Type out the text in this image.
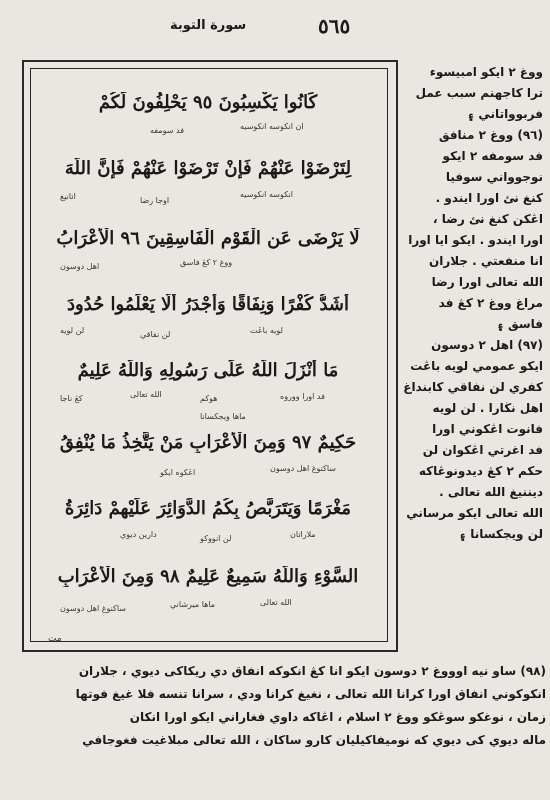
٥٦٥
سورة التوبة
كَانُوا يَكْسِبُونَ ٩٥ يَحْلِفُونَ لَكُمْ
لِتَرْضَوْا عَنْهُمْ فَإِنْ تَرْضَوْا عَنْهُمْ فَإِنَّ اللَّهَ
لَا يَرْضَى عَنِ الْقَوْمِ الْفَاسِقِينَ ٩٦ الْأَعْرَابُ
أَشَدُّ كُفْرًا وَنِفَاقًا وَأَجْدَرُ أَلَّا يَعْلَمُوا حُدُودَ
مَا أَنْزَلَ اللَّهُ عَلَى رَسُولِهِ وَاللَّهُ عَلِيمٌ
حَكِيمٌ ٩٧ وَمِنَ الْأَعْرَابِ مَنْ يَتَّخِذُ مَا يُنْفِقُ
مَغْرَمًا وَيَتَرَبَّصُ بِكُمُ الدَّوَائِرَ عَلَيْهِمْ دَائِرَةُ
السَّوْءِ وَاللَّهُ سَمِيعٌ عَلِيمٌ ٩٨ وَمِنَ الْأَعْرَابِ
ان انكوسه انكوسيه
فد سومفه
انكوسه انكوسيه
اوجا رضا
اتانيغ
ووغ ۲ كڠ فاسق
اهل دوسون
لويه باڠت
لن نفاقي
لن لويه
فد اورا ووروه
هوكم
الله تعالى
كڠ ناجا
ماها ويجكسانا
ساكنوغ اهل دوسون
اڠكوه ايكو
ملاراتان
لن انووكو
دارين ديوي
الله تعالى
ماها ميرشاني
ساكنوغ اهل دوسون
مت
ووغ ۲ ايكو امبيسوء
ترا كاجهنم سبب عمل
فربوواتاني ۽
(٩٦) ووغ ۲ منافق
فد سومفه ۲ ايكو
نوجوواني سوفيا
كنغ نئ اورا ايندو .
اڠكن كنغ نئ رضا ،
اورا ايندو . ايكو ايا اورا
انا منفعتي . جلاران
الله تعالى اورا رضا
مراغ ووغ ۲ كڠ فد
فاسق ۽
(٩٧) اهل ۲ دوسون
ايكو عمومي لويه باڠت
كفري لن نفاقي كابنداغ
اهل نڬارا . لن لويه
فانوت اڠكوني اورا
فد اغرتي اڠكوان لن
حكم ۲ كڠ ديدونوڠاكه
ديننيغ الله تعالى .
الله تعالى ايكو مرساني
لن ويجكسانا ۽
(٩٨) ساو نيه اوووغ ۲ دوسون ايكو انا كڠ انكوكه انفاق دي ريكاكى ديوي ، جلاران
انكوكوني انفاق اورا كرانا الله تعالى ، نغيغ كرانا ودي ، سرانا تنسه فلا غيغ فوتها
زمان ، نوغكو سوڠكو ووغ ۲ اسلام ، اڠاكه داوي فغاراني ايكو اورا انكان
ماله ديوي كى ديوي كه نوميفاكيليان كارو ساكان ، الله تعالى مبلاغيت فغوجافي
